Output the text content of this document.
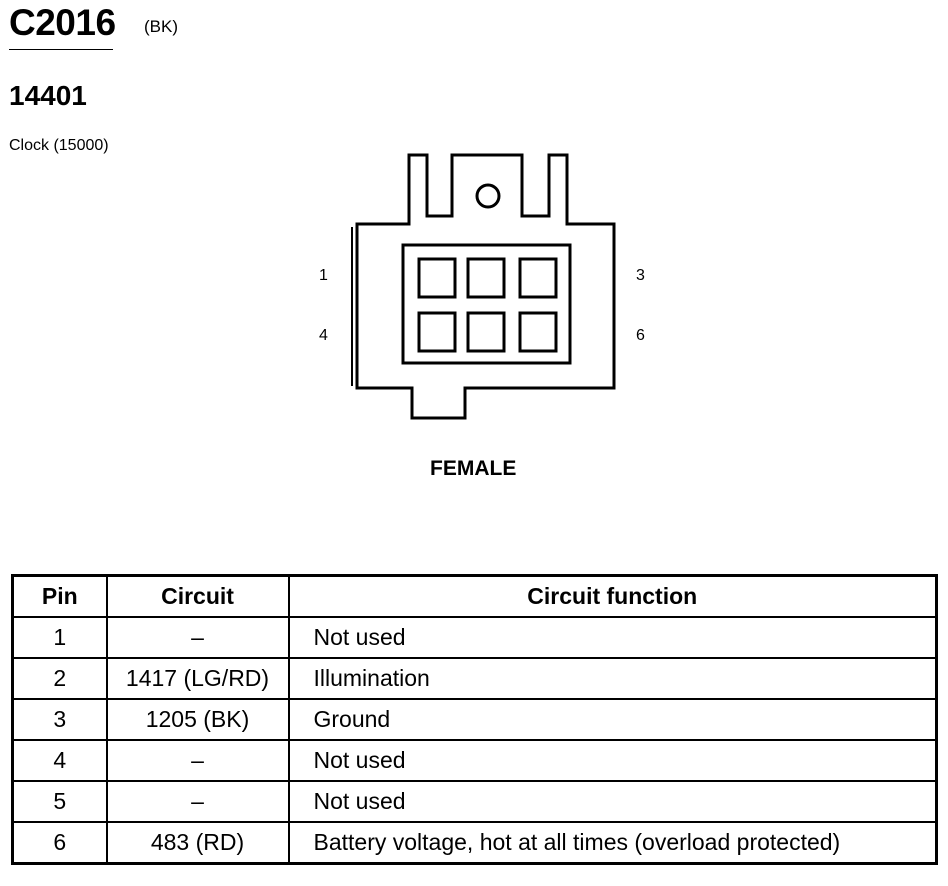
C2016 (BK)
14401
Clock (15000)
1	3
4	6
FEMALE
Pin	Circuit	Circuit function
1	–	Not used
2	1417 (LG/RD)	Illumination
3	1205 (BK)	Ground
4	–	Not used
5	–	Not used
6	483 (RD)	Battery voltage, hot at all times (overload protected)
